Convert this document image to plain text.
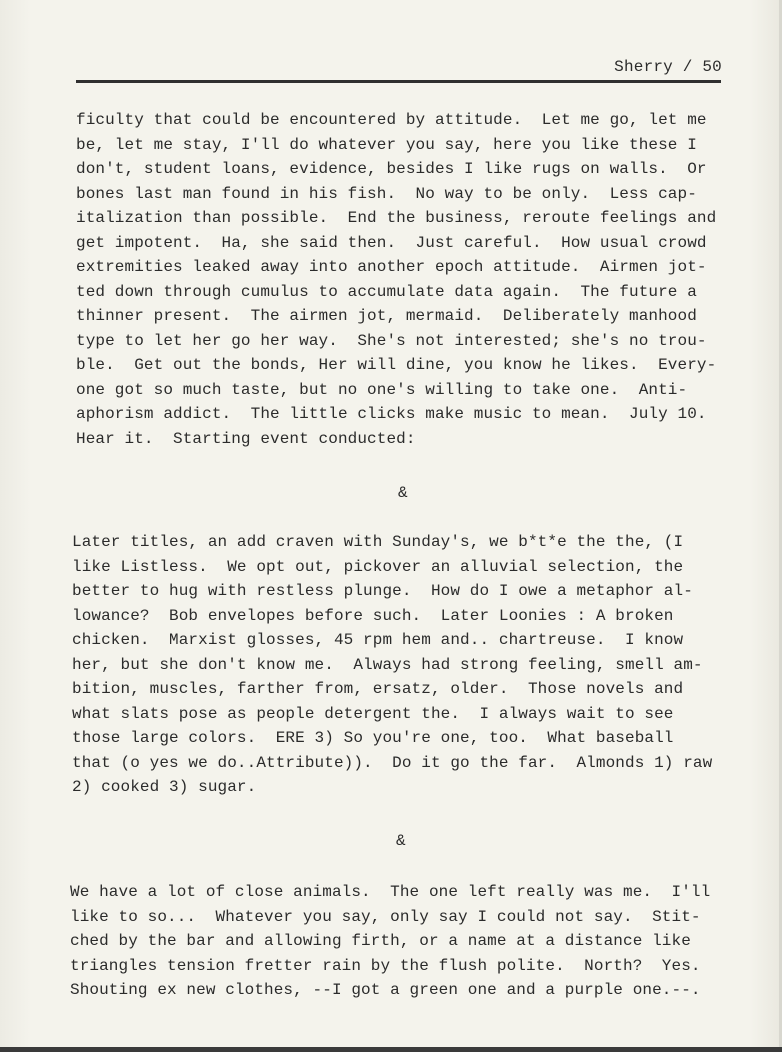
Sherry / 50
ficulty that could be encountered by attitude.  Let me go, let me
be, let me stay, I'll do whatever you say, here you like these I
don't, student loans, evidence, besides I like rugs on walls.  Or
bones last man found in his fish.  No way to be only.  Less cap-
italization than possible.  End the business, reroute feelings and
get impotent.  Ha, she said then.  Just careful.  How usual crowd
extremities leaked away into another epoch attitude.  Airmen jot-
ted down through cumulus to accumulate data again.  The future a
thinner present.  The airmen jot, mermaid.  Deliberately manhood
type to let her go her way.  She's not interested; she's no trou-
ble.  Get out the bonds, Her will dine, you know he likes.  Every-
one got so much taste, but no one's willing to take one.  Anti-
aphorism addict.  The little clicks make music to mean.  July 10.
Hear it.  Starting event conducted:
&
Later titles, an add craven with Sunday's, we b*t*e the the, (I
like Listless.  We opt out, pickover an alluvial selection, the
better to hug with restless plunge.  How do I owe a metaphor al-
lowance?  Bob envelopes before such.  Later Loonies : A broken
chicken.  Marxist glosses, 45 rpm hem and.. chartreuse.  I know
her, but she don't know me.  Always had strong feeling, smell am-
bition, muscles, farther from, ersatz, older.  Those novels and
what slats pose as people detergent the.  I always wait to see
those large colors.  ERE 3) So you're one, too.  What baseball
that (o yes we do..Attribute)).  Do it go the far.  Almonds 1) raw
2) cooked 3) sugar.
&
We have a lot of close animals.  The one left really was me.  I'll
like to so...  Whatever you say, only say I could not say.  Stit-
ched by the bar and allowing firth, or a name at a distance like
triangles tension fretter rain by the flush polite.  North?  Yes.
Shouting ex new clothes, --I got a green one and a purple one.--.
